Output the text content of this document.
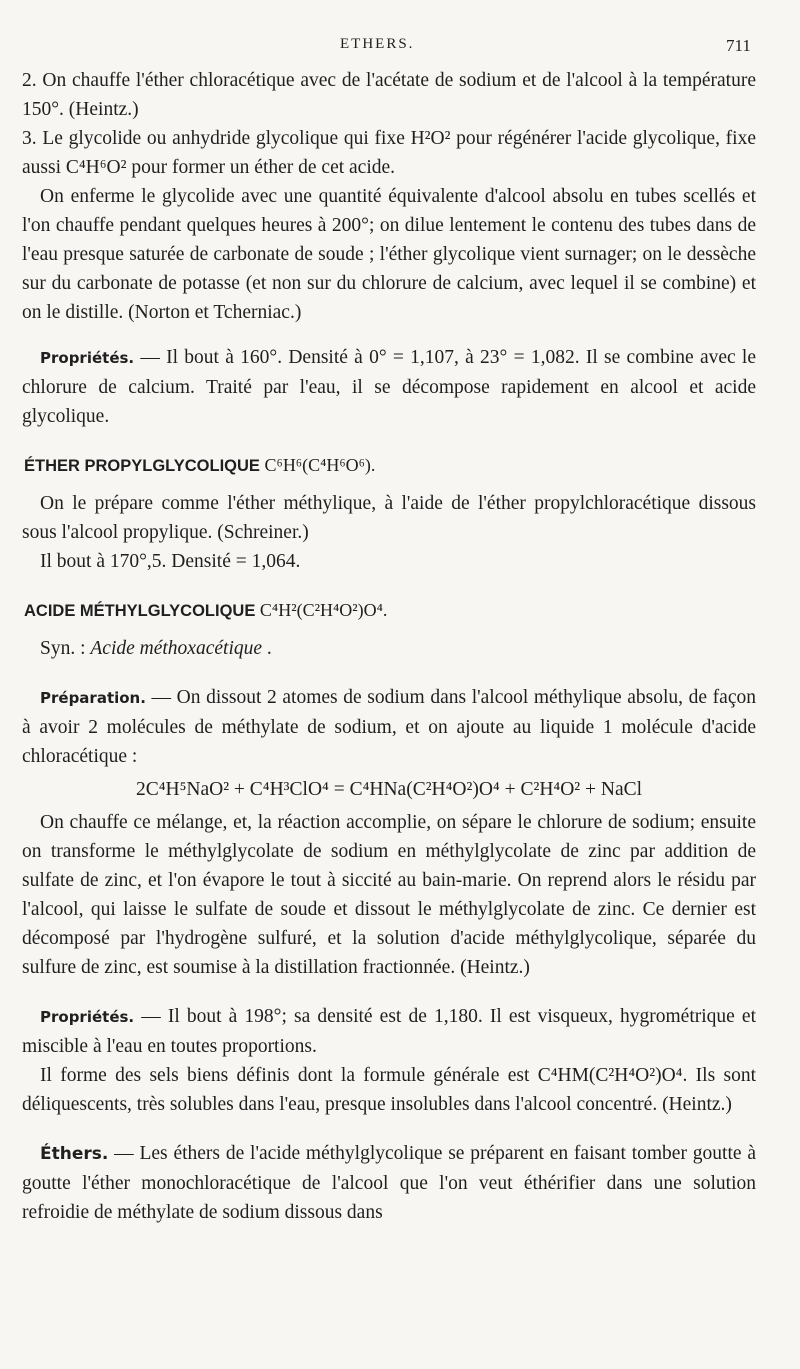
ETHERS.	711

2. On chauffe l'éther chloracétique avec de l'acétate de sodium et de l'alcool à la température 150°. (Heintz.)

3. Le glycolide ou anhydride glycolique qui fixe H²O² pour régénérer l'acide glycolique, fixe aussi C⁴H⁶O² pour former un éther de cet acide.

On enferme le glycolide avec une quantité équivalente d'alcool absolu en tubes scellés et l'on chauffe pendant quelques heures à 200°; on dilue lentement le contenu des tubes dans de l'eau presque saturée de carbonate de soude ; l'éther glycolique vient surnager; on le dessèche sur du carbonate de potasse (et non sur du chlorure de calcium, avec lequel il se combine) et on le distille. (Norton et Tcherniac.)

Propriétés. — Il bout à 160°. Densité à 0° = 1,107, à 23° = 1,082. Il se combine avec le chlorure de calcium. Traité par l'eau, il se décompose rapidement en alcool et acide glycolique.

ÉTHER PROPYLGLYCOLIQUE C⁶H⁶(C⁴H⁶O⁶).

On le prépare comme l'éther méthylique, à l'aide de l'éther propylchloracétique dissous sous l'alcool propylique. (Schreiner.)

Il bout à 170°,5. Densité = 1,064.

ACIDE MÉTHYLGLYCOLIQUE C⁴H²(C²H⁴O²)O⁴.

Syn. : Acide méthoxacétique .

Préparation. — On dissout 2 atomes de sodium dans l'alcool méthylique absolu, de façon à avoir 2 molécules de méthylate de sodium, et on ajoute au liquide 1 molécule d'acide chloracétique :

2C⁴H⁵NaO² + C⁴H³ClO⁴ = C⁴HNa(C²H⁴O²)O⁴ + C²H⁴O² + NaCl

On chauffe ce mélange, et, la réaction accomplie, on sépare le chlorure de sodium; ensuite on transforme le méthylglycolate de sodium en méthylglycolate de zinc par addition de sulfate de zinc, et l'on évapore le tout à siccité au bain-marie. On reprend alors le résidu par l'alcool, qui laisse le sulfate de soude et dissout le méthylglycolate de zinc. Ce dernier est décomposé par l'hydrogène sulfuré, et la solution d'acide méthylglycolique, séparée du sulfure de zinc, est soumise à la distillation fractionnée. (Heintz.)

Propriétés. — Il bout à 198°; sa densité est de 1,180. Il est visqueux, hygrométrique et miscible à l'eau en toutes proportions.

Il forme des sels biens définis dont la formule générale est C⁴HM(C²H⁴O²)O⁴. Ils sont déliquescents, très solubles dans l'eau, presque insolubles dans l'alcool concentré. (Heintz.)

Éthers. — Les éthers de l'acide méthylglycolique se préparent en faisant tomber goutte à goutte l'éther monochloracétique de l'alcool que l'on veut éthérifier dans une solution refroidie de méthylate de sodium dissous dans
